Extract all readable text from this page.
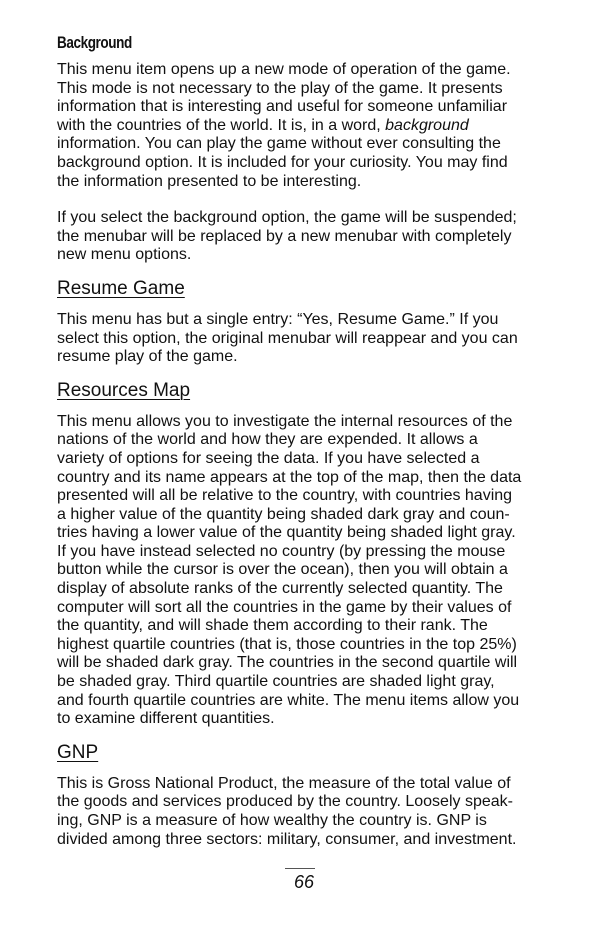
Background
This menu item opens up a new mode of operation of the game.
This mode is not necessary to the play of the game. It presents
information that is interesting and useful for someone unfamiliar
with the countries of the world. It is, in a word, background
information. You can play the game without ever consulting the
background option. It is included for your curiosity. You may find
the information presented to be interesting.
If you select the background option, the game will be suspended;
the menubar will be replaced by a new menubar with completely
new menu options.
Resume Game
This menu has but a single entry: “Yes, Resume Game.” If you
select this option, the original menubar will reappear and you can
resume play of the game.
Resources Map
This menu allows you to investigate the internal resources of the
nations of the world and how they are expended. It allows a
variety of options for seeing the data. If you have selected a
country and its name appears at the top of the map, then the data
presented will all be relative to the country, with countries having
a higher value of the quantity being shaded dark gray and coun-
tries having a lower value of the quantity being shaded light gray.
If you have instead selected no country (by pressing the mouse
button while the cursor is over the ocean), then you will obtain a
display of absolute ranks of the currently selected quantity. The
computer will sort all the countries in the game by their values of
the quantity, and will shade them according to their rank. The
highest quartile countries (that is, those countries in the top 25%)
will be shaded dark gray. The countries in the second quartile will
be shaded gray. Third quartile countries are shaded light gray,
and fourth quartile countries are white. The menu items allow you
to examine different quantities.
GNP
This is Gross National Product, the measure of the total value of
the goods and services produced by the country. Loosely speak-
ing, GNP is a measure of how wealthy the country is. GNP is
divided among three sectors: military, consumer, and investment.
66
